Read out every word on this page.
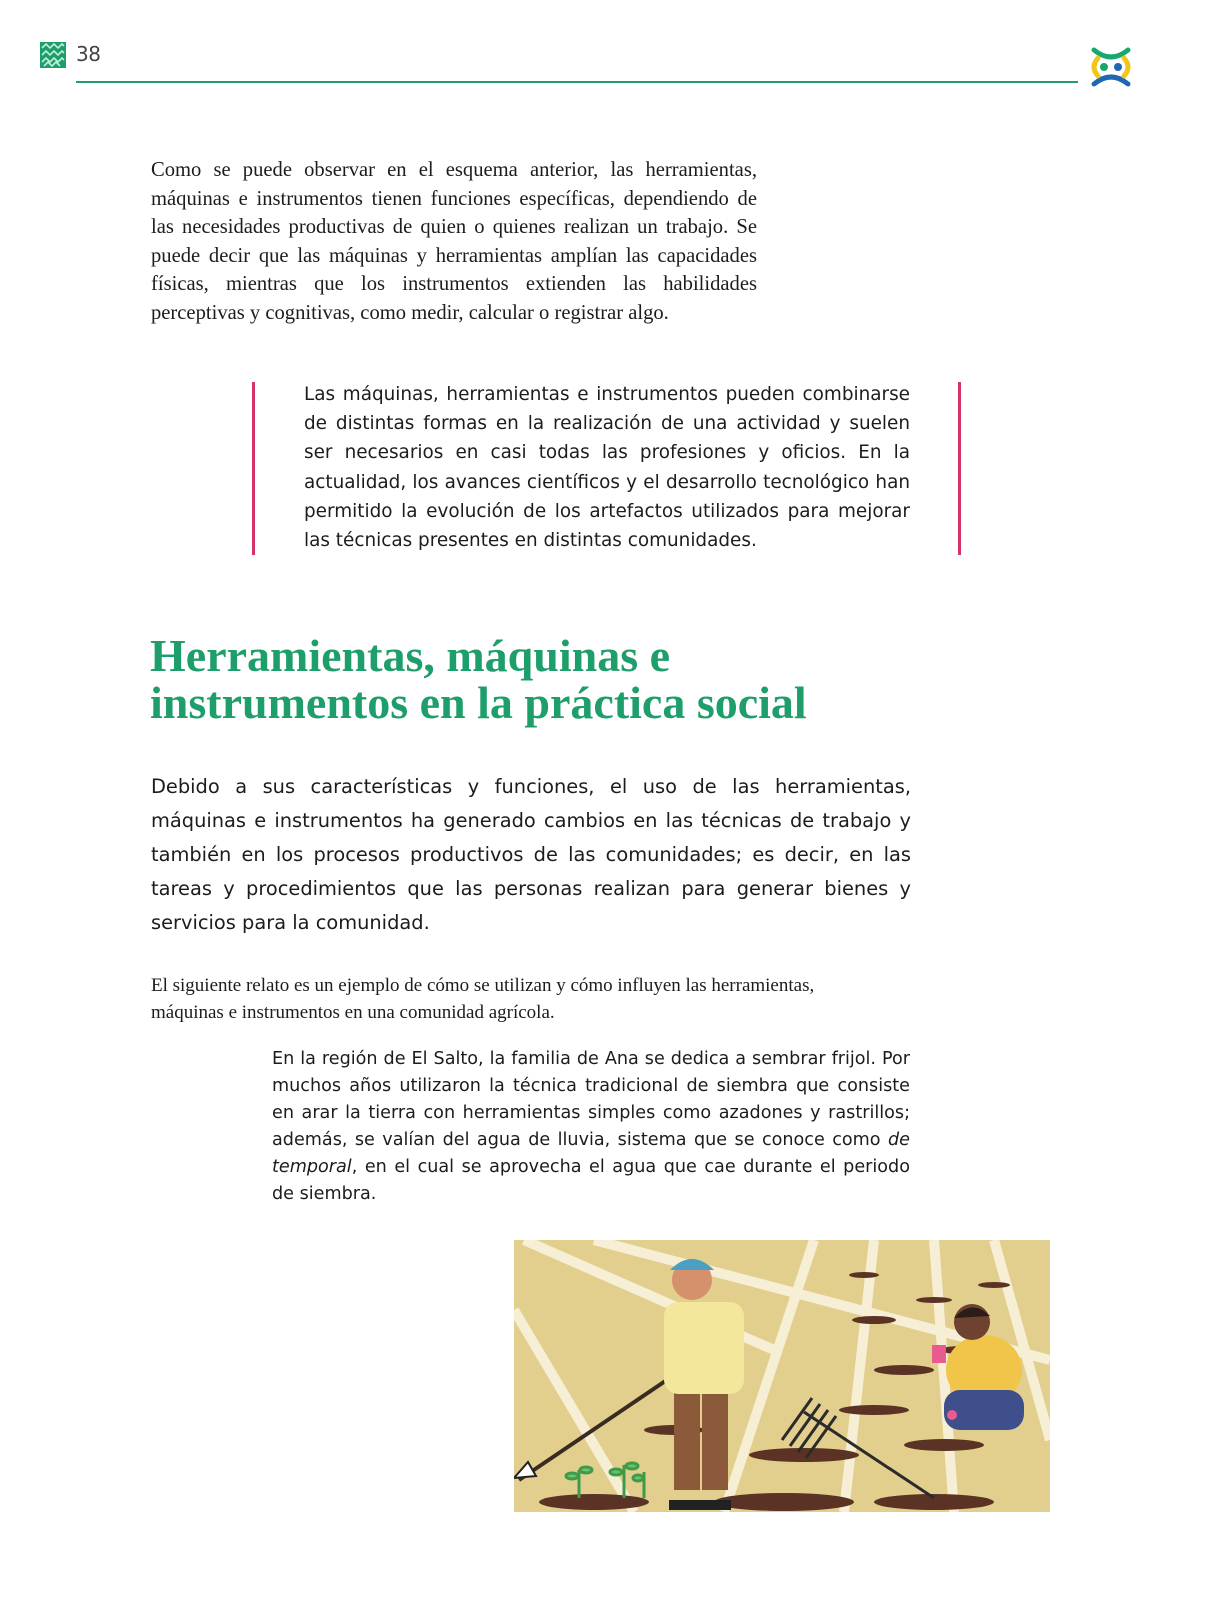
38

Como se puede observar en el esquema anterior, las herramientas, máquinas e instrumentos tienen funciones específicas, dependiendo de las necesidades productivas de quien o quienes realizan un trabajo. Se puede decir que las máquinas y herramientas amplían las capacidades físicas, mientras que los instrumentos extienden las habilidades perceptivas y cognitivas, como medir, calcular o registrar algo.

Las máquinas, herramientas e instrumentos pueden combinarse de distintas formas en la realización de una actividad y suelen ser necesarios en casi todas las profesiones y oficios. En la actualidad, los avances científicos y el desarrollo tecnológico han permitido la evolución de los artefactos utilizados para mejorar las técnicas presentes en distintas comunidades.

Herramientas, máquinas e
instrumentos en la práctica social

Debido a sus características y funciones, el uso de las herramientas, máquinas e instrumentos ha generado cambios en las técnicas de trabajo y también en los procesos productivos de las comunidades; es decir, en las tareas y procedimientos que las personas realizan para generar bienes y servicios para la comunidad.

El siguiente relato es un ejemplo de cómo se utilizan y cómo influyen las herramientas, máquinas e instrumentos en una comunidad agrícola.

En la región de El Salto, la familia de Ana se dedica a sembrar frijol. Por muchos años utilizaron la técnica tradicional de siembra que consiste en arar la tierra con herramientas simples como azadones y rastrillos; además, se valían del agua de lluvia, sistema que se conoce como de temporal, en el cual se aprovecha el agua que cae durante el periodo de siembra.
